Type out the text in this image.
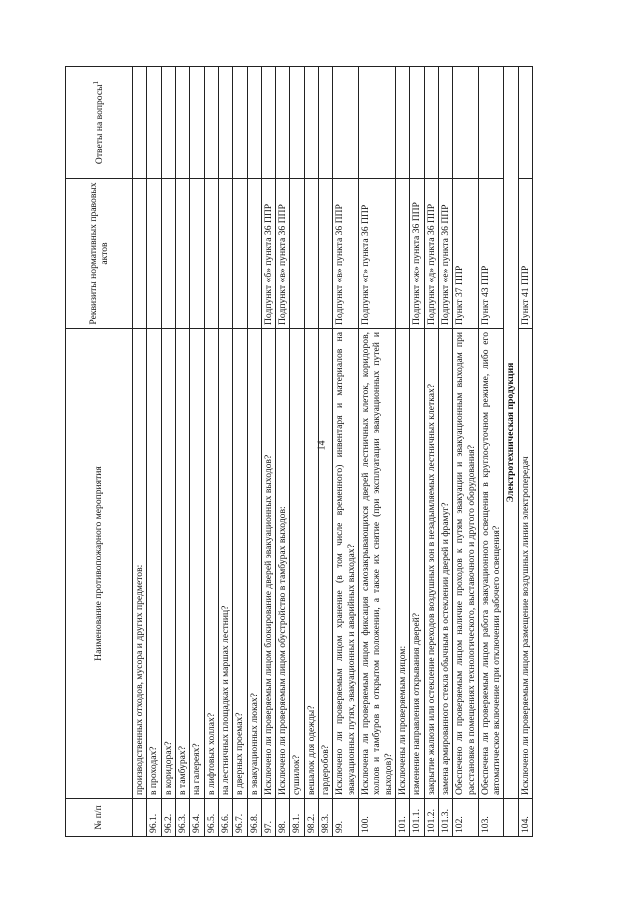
14
№ п/п	Наименование противопожарного мероприятия	Реквизиты нормативных правовых актов	Ответы на вопросы$^1$
	производственных отходов, мусора и других предметов:		
96.1.	в проходах?		
96.2.	в коридорах?		
96.3.	в тамбурах?		
96.4.	на галереях?		
96.5.	в лифтовых холлах?		
96.6.	на лестничных площадках и маршах лестниц?		
96.7.	в дверных проемах?		
96.8.	в эвакуационных люках?		
97.	Исключено ли проверяемым лицом блокирование дверей эвакуационных выходов?	Подпункт «б» пункта 36 ППР	
98.	Исключено ли проверяемым лицом обустройство в тамбурах выходов:	Подпункт «в» пункта 36 ППР	
98.1.	сушилок?		
98.2.	вешалок для одежды?		
98.3.	гардеробов?		
99.	Исключено ли проверяемым лицом хранение (в том числе временного) инвентаря и материалов на эвакуационных путях, эвакуационных и аварийных выходах?	Подпункт «в» пункта 36 ППР	
100.	Исключена ли проверяемым лицом фиксация самозакрывающихся дверей лестничных клеток, коридоров, холлов и тамбуров в открытом положении, а также их снятие (при эксплуатации эвакуационных путей и выходов)?	Подпункт «г» пункта 36 ППР	
101.	Исключены ли проверяемым лицом:		
101.1.	изменение направления открывания дверей?	Подпункт «ж» пункта 36 ППР	
101.2.	закрытие жалюзи или остекление переходов воздушных зон в незадымляемых лестничных клетках?	Подпункт «д» пункта 36 ППР	
101.3.	замена армированного стекла обычным в остеклении дверей и фрамуг?	Подпункт «е» пункта 36 ППР	
102.	Обеспечено ли проверяемым лицом наличие проходов к путям эвакуации и эвакуационным выходам при расстановке в помещениях технологического, выставочного и другого оборудования?	Пункт 37 ППР	
103.	Обеспечена ли проверяемым лицом работа эвакуационного освещения в круглосуточном режиме, либо его автоматическое включение при отключении рабочего освещения?	Пункт 43 ППР	
	Электротехническая продукция		
104.	Исключено ли проверяемым лицом размещение воздушных линии электропередач	Пункт 41 ППР	
